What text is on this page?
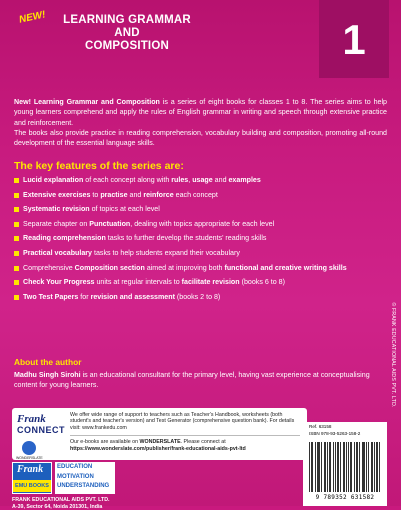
NEW!	LEARNING GRAMMAR
AND
COMPOSITION	1

New! Learning Grammar and Composition is a series of eight books for classes 1 to 8. The series aims to help young learners comprehend and apply the rules of English grammar in writing and speech through extensive practice and reinforcement.

The books also provide practice in reading comprehension, vocabulary building and composition, promoting all-round development of the essential language skills.

The key features of the series are:
Lucid explanation of each concept along with rules, usage and examples
Extensive exercises to practise and reinforce each concept
Systematic revision of topics at each level
Separate chapter on Punctuation, dealing with topics appropriate for each level
Reading comprehension tasks to further develop the students' reading skills
Practical vocabulary tasks to help students expand their vocabulary
Comprehensive Composition section aimed at improving both functional and creative writing skills
Check Your Progress units at regular intervals to facilitate revision (books 6 to 8)
Two Test Papers for revision and assessment (books 2 to 8)
About the author
Madhu Singh Sirohi is an educational consultant for the primary level, having vast experience at conceptualising content for young learners.	© FRANK EDUCATIONAL AIDS PVT. LTD.
Frank
CONNECT
We offer wide range of support to teachers such as Teacher's Handbook, worksheets (both student's and teacher's version) and Test Generator (comprehensive question bank). For details visit: www.frankedu.com
WONDERSLATE
Our e-books are available on WONDERSLATE. Please connect at
https://www.wonderslate.com/publisher/frank-educational-aids-pvt-ltd
Frank
EMU BOOKS
EDUCATION
MOTIVATION
UNDERSTANDING
FRANK EDUCATIONAL AIDS PVT. LTD.
A-39, Sector 64, Noida 201301, India
Ref. 63158
ISBN 978-93-5263-158-2
9 789352 631582
